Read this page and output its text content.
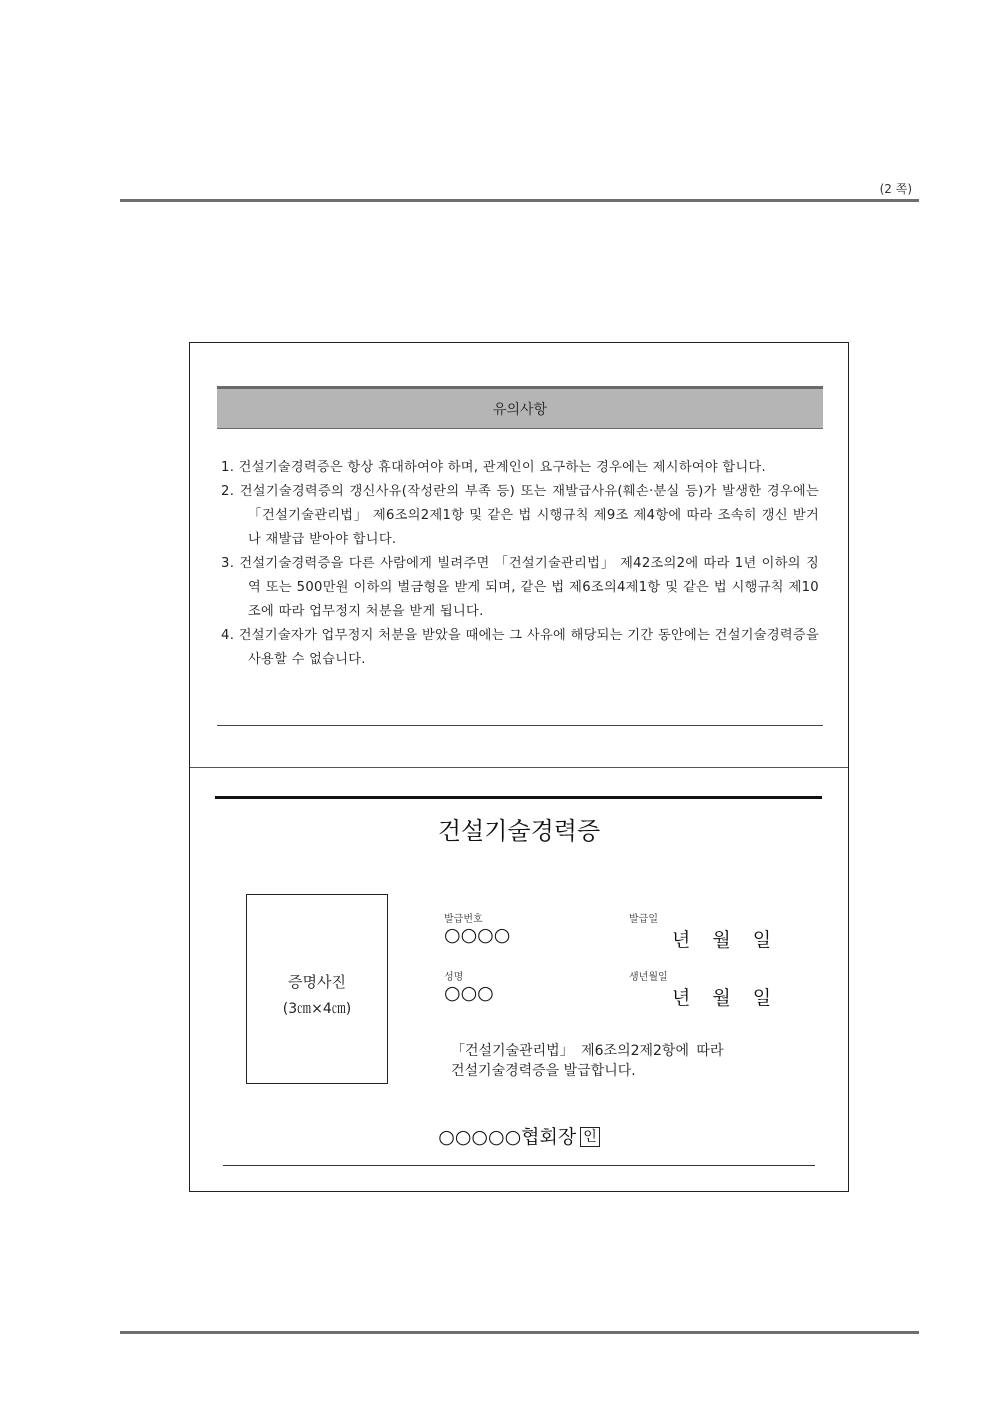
(2 쪽)
유의사항
1. 건설기술경력증은 항상 휴대하여야 하며, 관계인이 요구하는 경우에는 제시하여야 합니다.
2. 건설기술경력증의 갱신사유(작성란의 부족 등) 또는 재발급사유(훼손·분실 등)가 발생한 경우에는 「건설기술관리법」 제6조의2제1항 및 같은 법 시행규칙 제9조 제4항에 따라 조속히 갱신 받거나 재발급 받아야 합니다.
3. 건설기술경력증을 다른 사람에게 빌려주면 「건설기술관리법」 제42조의2에 따라 1년 이하의 징역 또는 500만원 이하의 벌금형을 받게 되며, 같은 법 제6조의4제1항 및 같은 법 시행규칙 제10조에 따라 업무정지 처분을 받게 됩니다.
4. 건설기술자가 업무정지 처분을 받았을 때에는 그 사유에 해당되는 기간 동안에는 건설기술경력증을 사용할 수 없습니다.
건설기술경력증
증명사진
(3㎝×4㎝)
발급번호
○○○○
발급일
년 월 일
성명
○○○
생년월일
년 월 일
「건설기술관리법」 제6조의2제2항에 따라
건설기술경력증을 발급합니다.
○○○○○협회장 인
